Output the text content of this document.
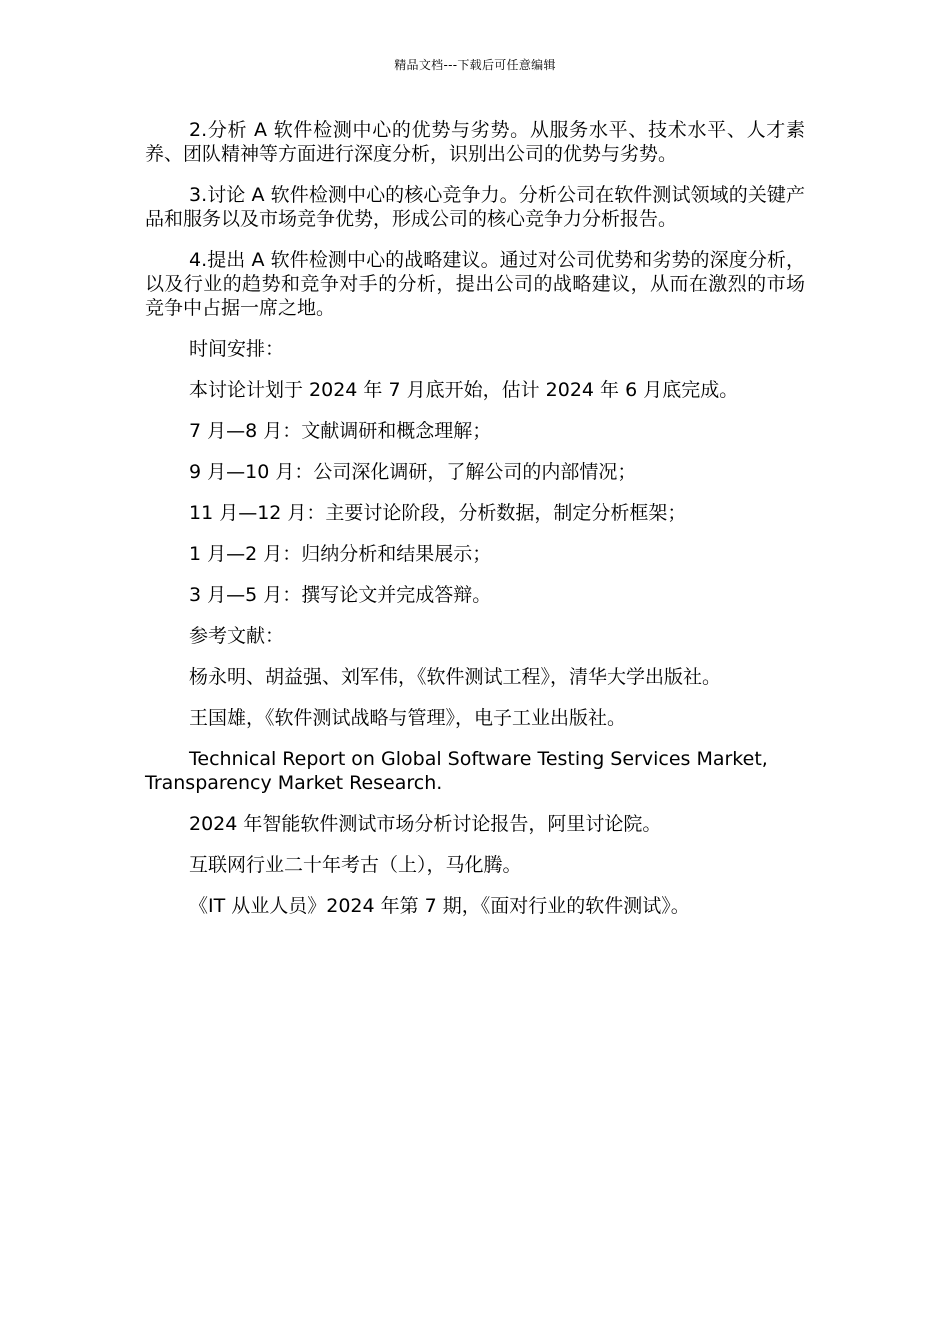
精品文档---下载后可任意编辑

2.分析 A 软件检测中心的优势与劣势。从服务水平、技术水平、人才素养、团队精神等方面进行深度分析，识别出公司的优势与劣势。

3.讨论 A 软件检测中心的核心竞争力。分析公司在软件测试领域的关键产品和服务以及市场竞争优势，形成公司的核心竞争力分析报告。

4.提出 A 软件检测中心的战略建议。通过对公司优势和劣势的深度分析，以及行业的趋势和竞争对手的分析，提出公司的战略建议，从而在激烈的市场竞争中占据一席之地。

时间安排：

本讨论计划于 2024 年 7 月底开始，估计 2024 年 6 月底完成。

7 月—8 月：文献调研和概念理解；

9 月—10 月：公司深化调研，了解公司的内部情况；

11 月—12 月：主要讨论阶段，分析数据，制定分析框架；

1 月—2 月：归纳分析和结果展示；

3 月—5 月：撰写论文并完成答辩。

参考文献：

杨永明、胡益强、刘军伟，《软件测试工程》，清华大学出版社。

王国雄，《软件测试战略与管理》，电子工业出版社。

Technical Report on Global Software Testing Services Market, Transparency Market Research.

2024 年智能软件测试市场分析讨论报告，阿里讨论院。

互联网行业二十年考古（上），马化腾。

《IT 从业人员》2024 年第 7 期，《面对行业的软件测试》。
